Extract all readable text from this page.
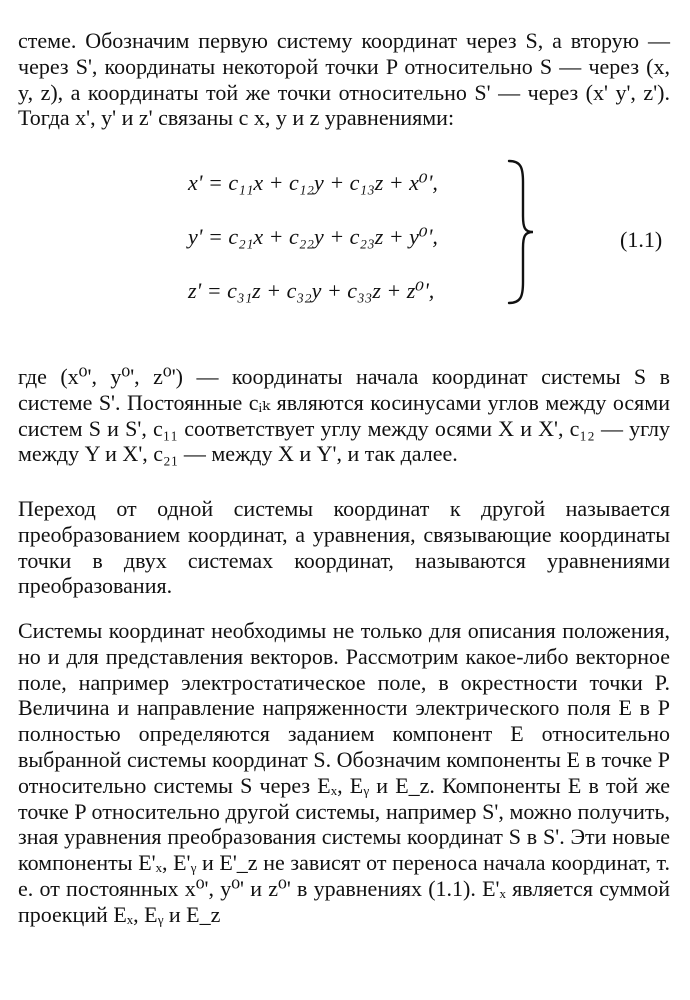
стеме. Обозначим первую систему координат через S, а вторую — через S', координаты некоторой точки P относительно S — через (x, y, z), а координаты той же точки относительно S' — через (x' y', z'). Тогда x', y' и z' связаны с x, y и z уравнениями:

x' = c₁₁x + c₁₂y + c₁₃z + x⁰',
y' = c₂₁x + c₂₂y + c₂₃z + y⁰',
z' = c₃₁z + c₃₂y + c₃₃z + z⁰',
(1.1)

где (x⁰', y⁰', z⁰') — координаты начала координат системы S в системе S'. Постоянные cᵢₖ являются косинусами углов между осями систем S и S', c₁₁ соответствует углу между осями X и X', c₁₂ — углу между Y и X', c₂₁ — между X и Y', и так далее.

Переход от одной системы координат к другой называется преобразованием координат, а уравнения, связывающие координаты точки в двух системах координат, называются уравнениями преобразования.

Системы координат необходимы не только для описания положения, но и для представления векторов. Рассмотрим какое-либо векторное поле, например электростатическое поле, в окрестности точки P. Величина и направление напряженности электрического поля E в P полностью определяются заданием компонент E относительно выбранной системы координат S. Обозначим компоненты E в точке P относительно системы S через Eₓ, Eᵧ и E_z. Компоненты E в той же точке P относительно другой системы, например S', можно получить, зная уравнения преобразования системы координат S в S'. Эти новые компоненты E'ₓ, E'ᵧ и E'_z не зависят от переноса начала координат, т. е. от постоянных x⁰', y⁰' и z⁰' в уравнениях (1.1). E'ₓ является суммой проекций Eₓ, Eᵧ и E_z
